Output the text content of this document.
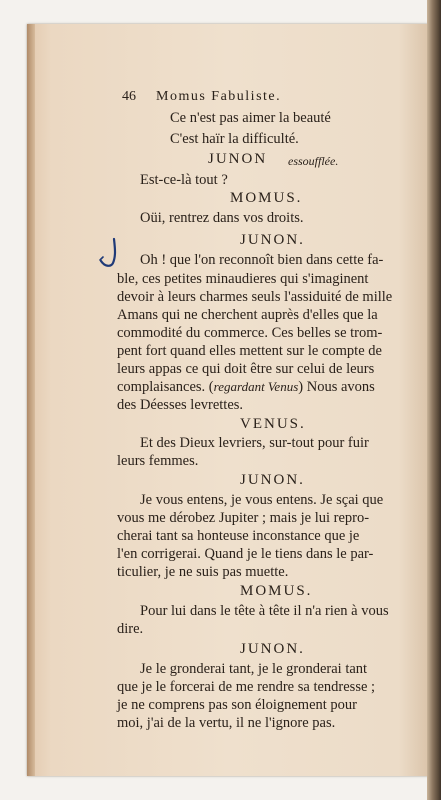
46 Momus Fabuliste.
Ce n'est pas aimer la beauté
C'est haïr la difficulté.
JUNON essoufflée.
Est-ce-là tout ?
MOMUS.
Oüi, rentrez dans vos droits.
JUNON.
Oh ! que l'on reconnoît bien dans cette fa-
ble, ces petites minaudieres qui s'imaginent
devoir à leurs charmes seuls l'assiduité de mille
Amans qui ne cherchent auprès d'elles que la
commodité du commerce. Ces belles se trom-
pent fort quand elles mettent sur le compte de
leurs appas ce qui doit être sur celui de leurs
complaisances. (regardant Venus) Nous avons
des Déesses levrettes.
VENUS.
Et des Dieux levriers, sur-tout pour fuir
leurs femmes.
JUNON.
Je vous entens, je vous entens. Je sçai que
vous me dérobez Jupiter ; mais je lui repro-
cherai tant sa honteuse inconstance que je
l'en corrigerai. Quand je le tiens dans le par-
ticulier, je ne suis pas muette.
MOMUS.
Pour lui dans le tête à tête il n'a rien à vous
dire.
JUNON.
Je le gronderai tant, je le gronderai tant
que je le forcerai de me rendre sa tendresse ;
je ne comprens pas son éloignement pour
moi, j'ai de la vertu, il ne l'ignore pas.
